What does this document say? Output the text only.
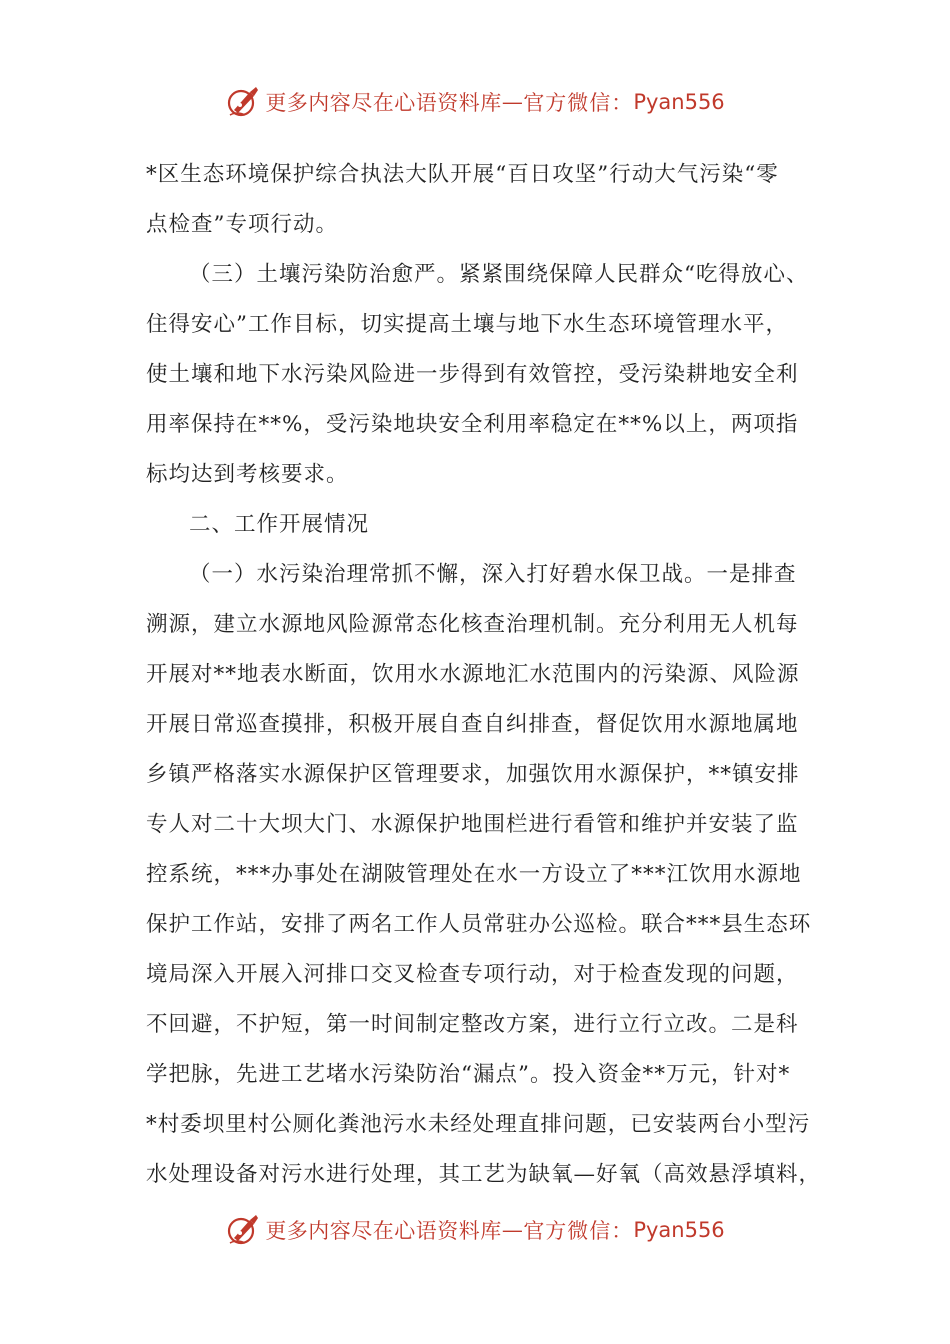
更多内容尽在心语资料库 — 官方微信： Pyan556
*区生态环境保护综合执法大队开展“百日攻坚”行动大气污染“零
点检查”专项行动。
（三）土壤污染防治愈严。紧紧围绕保障人民群众“吃得放心、
住得安心”工作目标，切实提高土壤与地下水生态环境管理水平，
使土壤和地下水污染风险进一步得到有效管控，受污染耕地安全利
用率保持在**%，受污染地块安全利用率稳定在**%以上，两项指
标均达到考核要求。
二、工作开展情况
（一）水污染治理常抓不懈，深入打好碧水保卫战。一是排查
溯源，建立水源地风险源常态化核查治理机制。充分利用无人机每
开展对**地表水断面，饮用水水源地汇水范围内的污染源、风险源
开展日常巡查摸排，积极开展自查自纠排查，督促饮用水源地属地
乡镇严格落实水源保护区管理要求，加强饮用水源保护，**镇安排
专人对二十大坝大门、水源保护地围栏进行看管和维护并安装了监
控系统，***办事处在湖陂管理处在水一方设立了***江饮用水源地
保护工作站，安排了两名工作人员常驻办公巡检。联合***县生态环
境局深入开展入河排口交叉检查专项行动，对于检查发现的问题，
不回避，不护短，第一时间制定整改方案，进行立行立改。二是科
学把脉，先进工艺堵水污染防治“漏点”。投入资金**万元，针对*
*村委坝里村公厕化粪池污水未经处理直排问题，已安装两台小型污
水处理设备对污水进行处理，其工艺为缺氧—好氧（高效悬浮填料，
更多内容尽在心语资料库 — 官方微信： Pyan556
